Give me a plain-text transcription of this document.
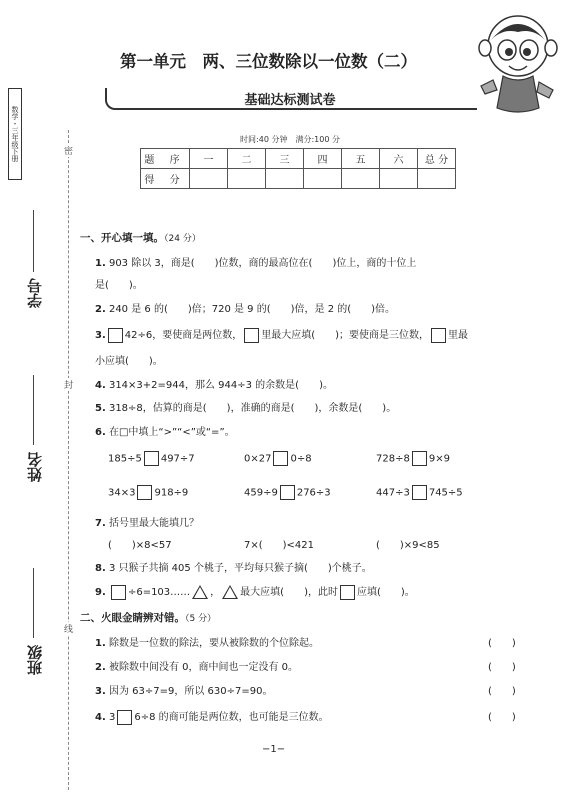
数学・三年级下册	密
封
线
学号
姓名
班级
第一单元　两、三位数除以一位数（二）
基础达标测试卷
时间:40 分钟　满分:100 分
题 序	一	二	三	四	五	六	总 分
得 分							
一、开心填一填。（24 分）
1. 903 除以 3，商是(　　)位数，商的最高位在(　　)位上，商的十位上
是(　　)。
2. 240 是 6 的(　　)倍；720 是 9 的(　　)倍，是 2 的(　　)倍。
3. 42÷6，要使商是两位数， 里最大应填(　　)；要使商是三位数， 里最
小应填(　　)。
4. 314×3+2=944，那么 944÷3 的余数是(　　)。
5. 318÷8，估算的商是(　　)，准确的商是(　　)，余数是(　　)。
6. 在□中填上“>”“<”或“=”。
185÷5 497÷7	0×27 0÷8	728÷8 9×9
34×3 918÷9	459÷9 276÷3	447÷3 745÷5
7. 括号里最大能填几？
(　　)×8<57	7×(　　)<421	(　　)×9<85
8. 3 只猴子共摘 405 个桃子，平均每只猴子摘(　　)个桃子。
9. ÷6=103…… ， 最大应填(　　)，此时 应填(　　)。
二、火眼金睛辨对错。（5 分）
1. 除数是一位数的除法，要从被除数的个位除起。	(　　)
2. 被除数中间没有 0，商中间也一定没有 0。	(　　)
3. 因为 63÷7=9，所以 630÷7=90。	(　　)
4. 3 6÷8 的商可能是两位数，也可能是三位数。	(　　)
−1−
